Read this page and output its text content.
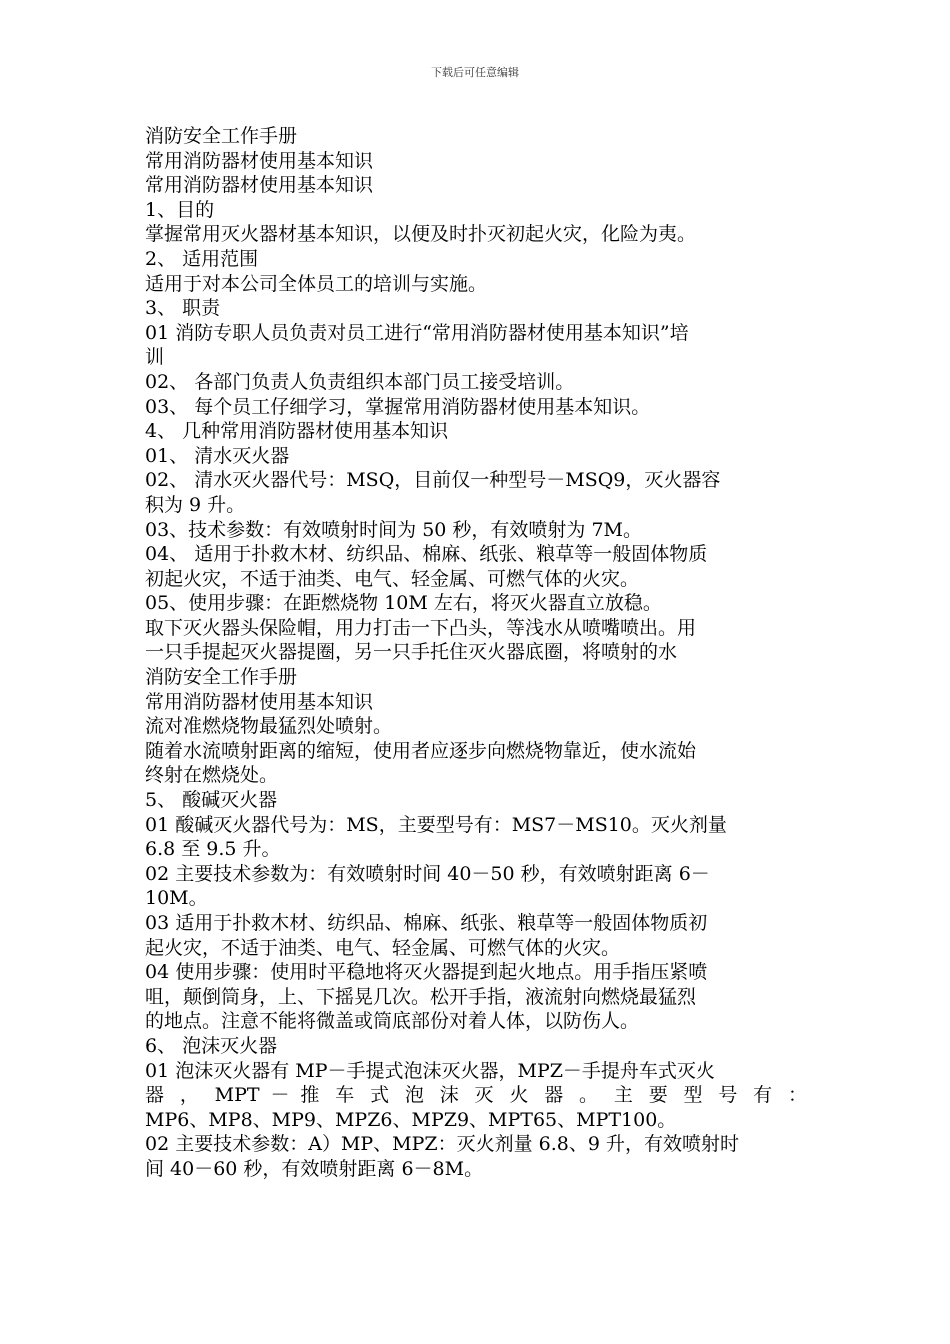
下载后可任意编辑
消防安全工作手册
常用消防器材使用基本知识
常用消防器材使用基本知识
1、目的
掌握常用灭火器材基本知识，以便及时扑灭初起火灾，化险为夷。
2、 适用范围
适用于对本公司全体员工的培训与实施。
3、 职责
01 消防专职人员负责对员工进行“常用消防器材使用基本知识”培
训
02、 各部门负责人负责组织本部门员工接受培训。
03、 每个员工仔细学习，掌握常用消防器材使用基本知识。
4、 几种常用消防器材使用基本知识
01、 清水灭火器
02、 清水灭火器代号：MSQ，目前仅一种型号－MSQ9，灭火器容
积为 9 升。
03、技术参数：有效喷射时间为 50 秒，有效喷射为 7M。
04、 适用于扑救木材、纺织品、棉麻、纸张、粮草等一般固体物质
初起火灾，不适于油类、电气、轻金属、可燃气体的火灾。
05、使用步骤：在距燃烧物 10M 左右，将灭火器直立放稳。
取下灭火器头保险帽，用力打击一下凸头，等浅水从喷嘴喷出。用
一只手提起灭火器提圈，另一只手托住灭火器底圈，将喷射的水
消防安全工作手册
常用消防器材使用基本知识
流对准燃烧物最猛烈处喷射。
随着水流喷射距离的缩短，使用者应逐步向燃烧物靠近，使水流始
终射在燃烧处。
5、 酸碱灭火器
01 酸碱灭火器代号为：MS，主要型号有：MS7－MS10。灭火剂量
6.8 至 9.5 升。
02 主要技术参数为：有效喷射时间 40－50 秒，有效喷射距离 6－
10M。
03 适用于扑救木材、纺织品、棉麻、纸张、粮草等一般固体物质初
起火灾，不适于油类、电气、轻金属、可燃气体的火灾。
04 使用步骤：使用时平稳地将灭火器提到起火地点。用手指压紧喷
咀，颠倒筒身，上、下摇晃几次。松开手指，液流射向燃烧最猛烈
的地点。注意不能将微盖或筒底部份对着人体，以防伤人。
6、 泡沫灭火器
01 泡沫灭火器有 MP－手提式泡沫灭火器，MPZ－手提舟车式灭火
器 ， MPT － 推 车 式 泡 沫 灭 火 器 。 主 要 型 号 有 ：
MP6、MP8、MP9、MPZ6、MPZ9、MPT65、MPT100。
02 主要技术参数：A）MP、MPZ：灭火剂量 6.8、9 升，有效喷射时
间 40－60 秒，有效喷射距离 6－8M。
